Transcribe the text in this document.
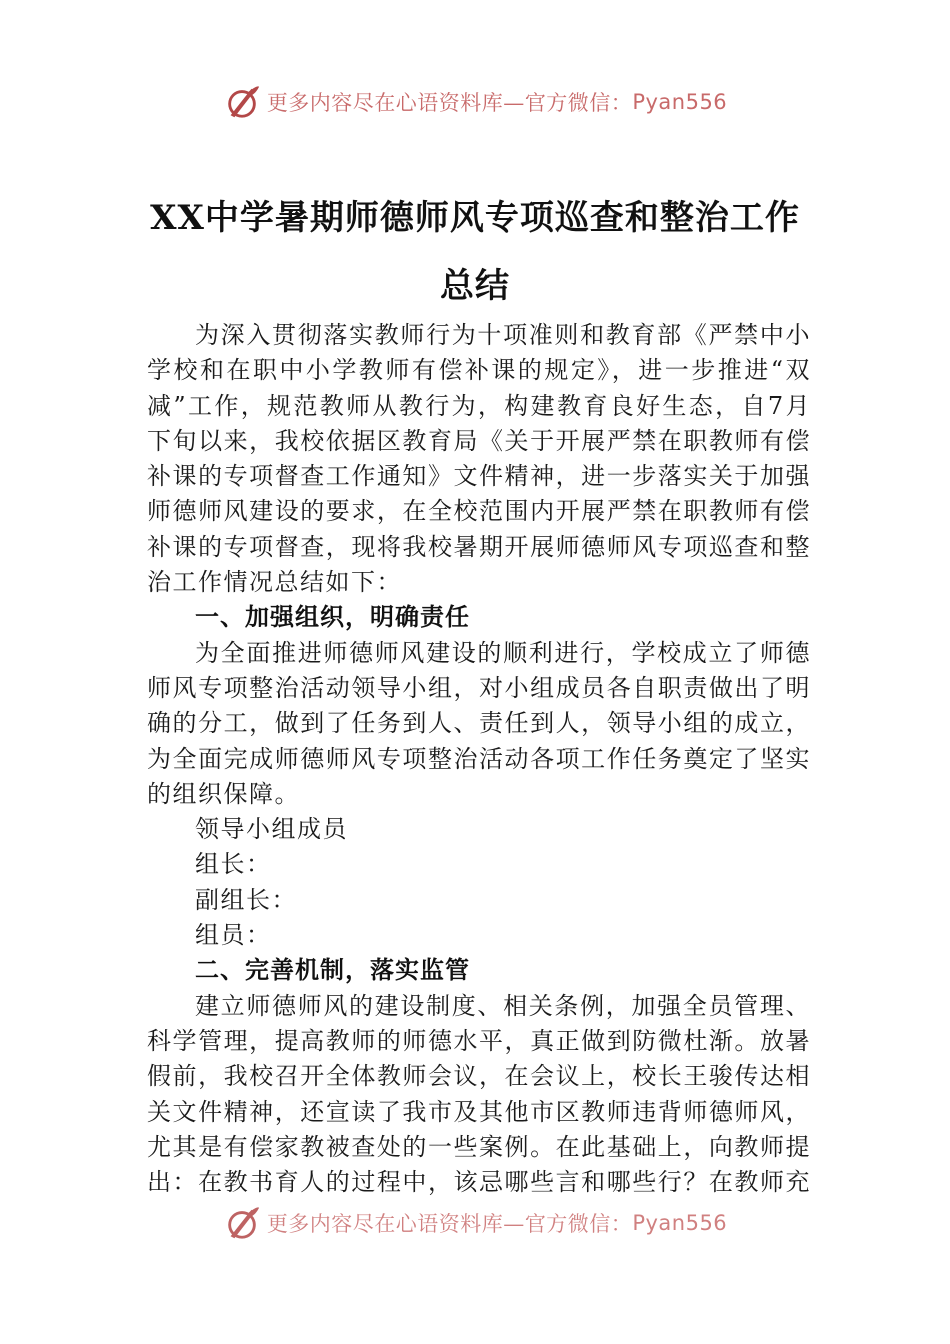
更多内容尽在心语资料库— 官方微信： Pyan556
XX中学暑期师德师风专项巡查和整治工作
总结

为深入贯彻落实教师行为十项准则和教育部《严禁中小学校和在职中小学教师有偿补课的规定》，进一步推进“双减”工作，规范教师从教行为，构建教育良好生态，自7月下旬以来，我校依据区教育局《关于开展严禁在职教师有偿补课的专项督查工作通知》文件精神，进一步落实关于加强师德师风建设的要求，在全校范围内开展严禁在职教师有偿补课的专项督查，现将我校暑期开展师德师风专项巡查和整治工作情况总结如下：

一、加强组织，明确责任

为全面推进师德师风建设的顺利进行，学校成立了师德师风专项整治活动领导小组，对小组成员各自职责做出了明确的分工，做到了任务到人、责任到人，领导小组的成立，为全面完成师德师风专项整治活动各项工作任务奠定了坚实的组织保障。

领导小组成员

组长：

副组长：

组员：

二、完善机制，落实监管

建立师德师风的建设制度、相关条例，加强全员管理、科学管理，提高教师的师德水平，真正做到防微杜渐。放暑假前，我校召开全体教师会议，在会议上，校长王骏传达相关文件精神，还宣读了我市及其他市区教师违背师德师风，尤其是有偿家教被查处的一些案例。在此基础上，向教师提出：在教书育人的过程中，该忌哪些言和哪些行？在教师充

更多内容尽在心语资料库— 官方微信： Pyan556
